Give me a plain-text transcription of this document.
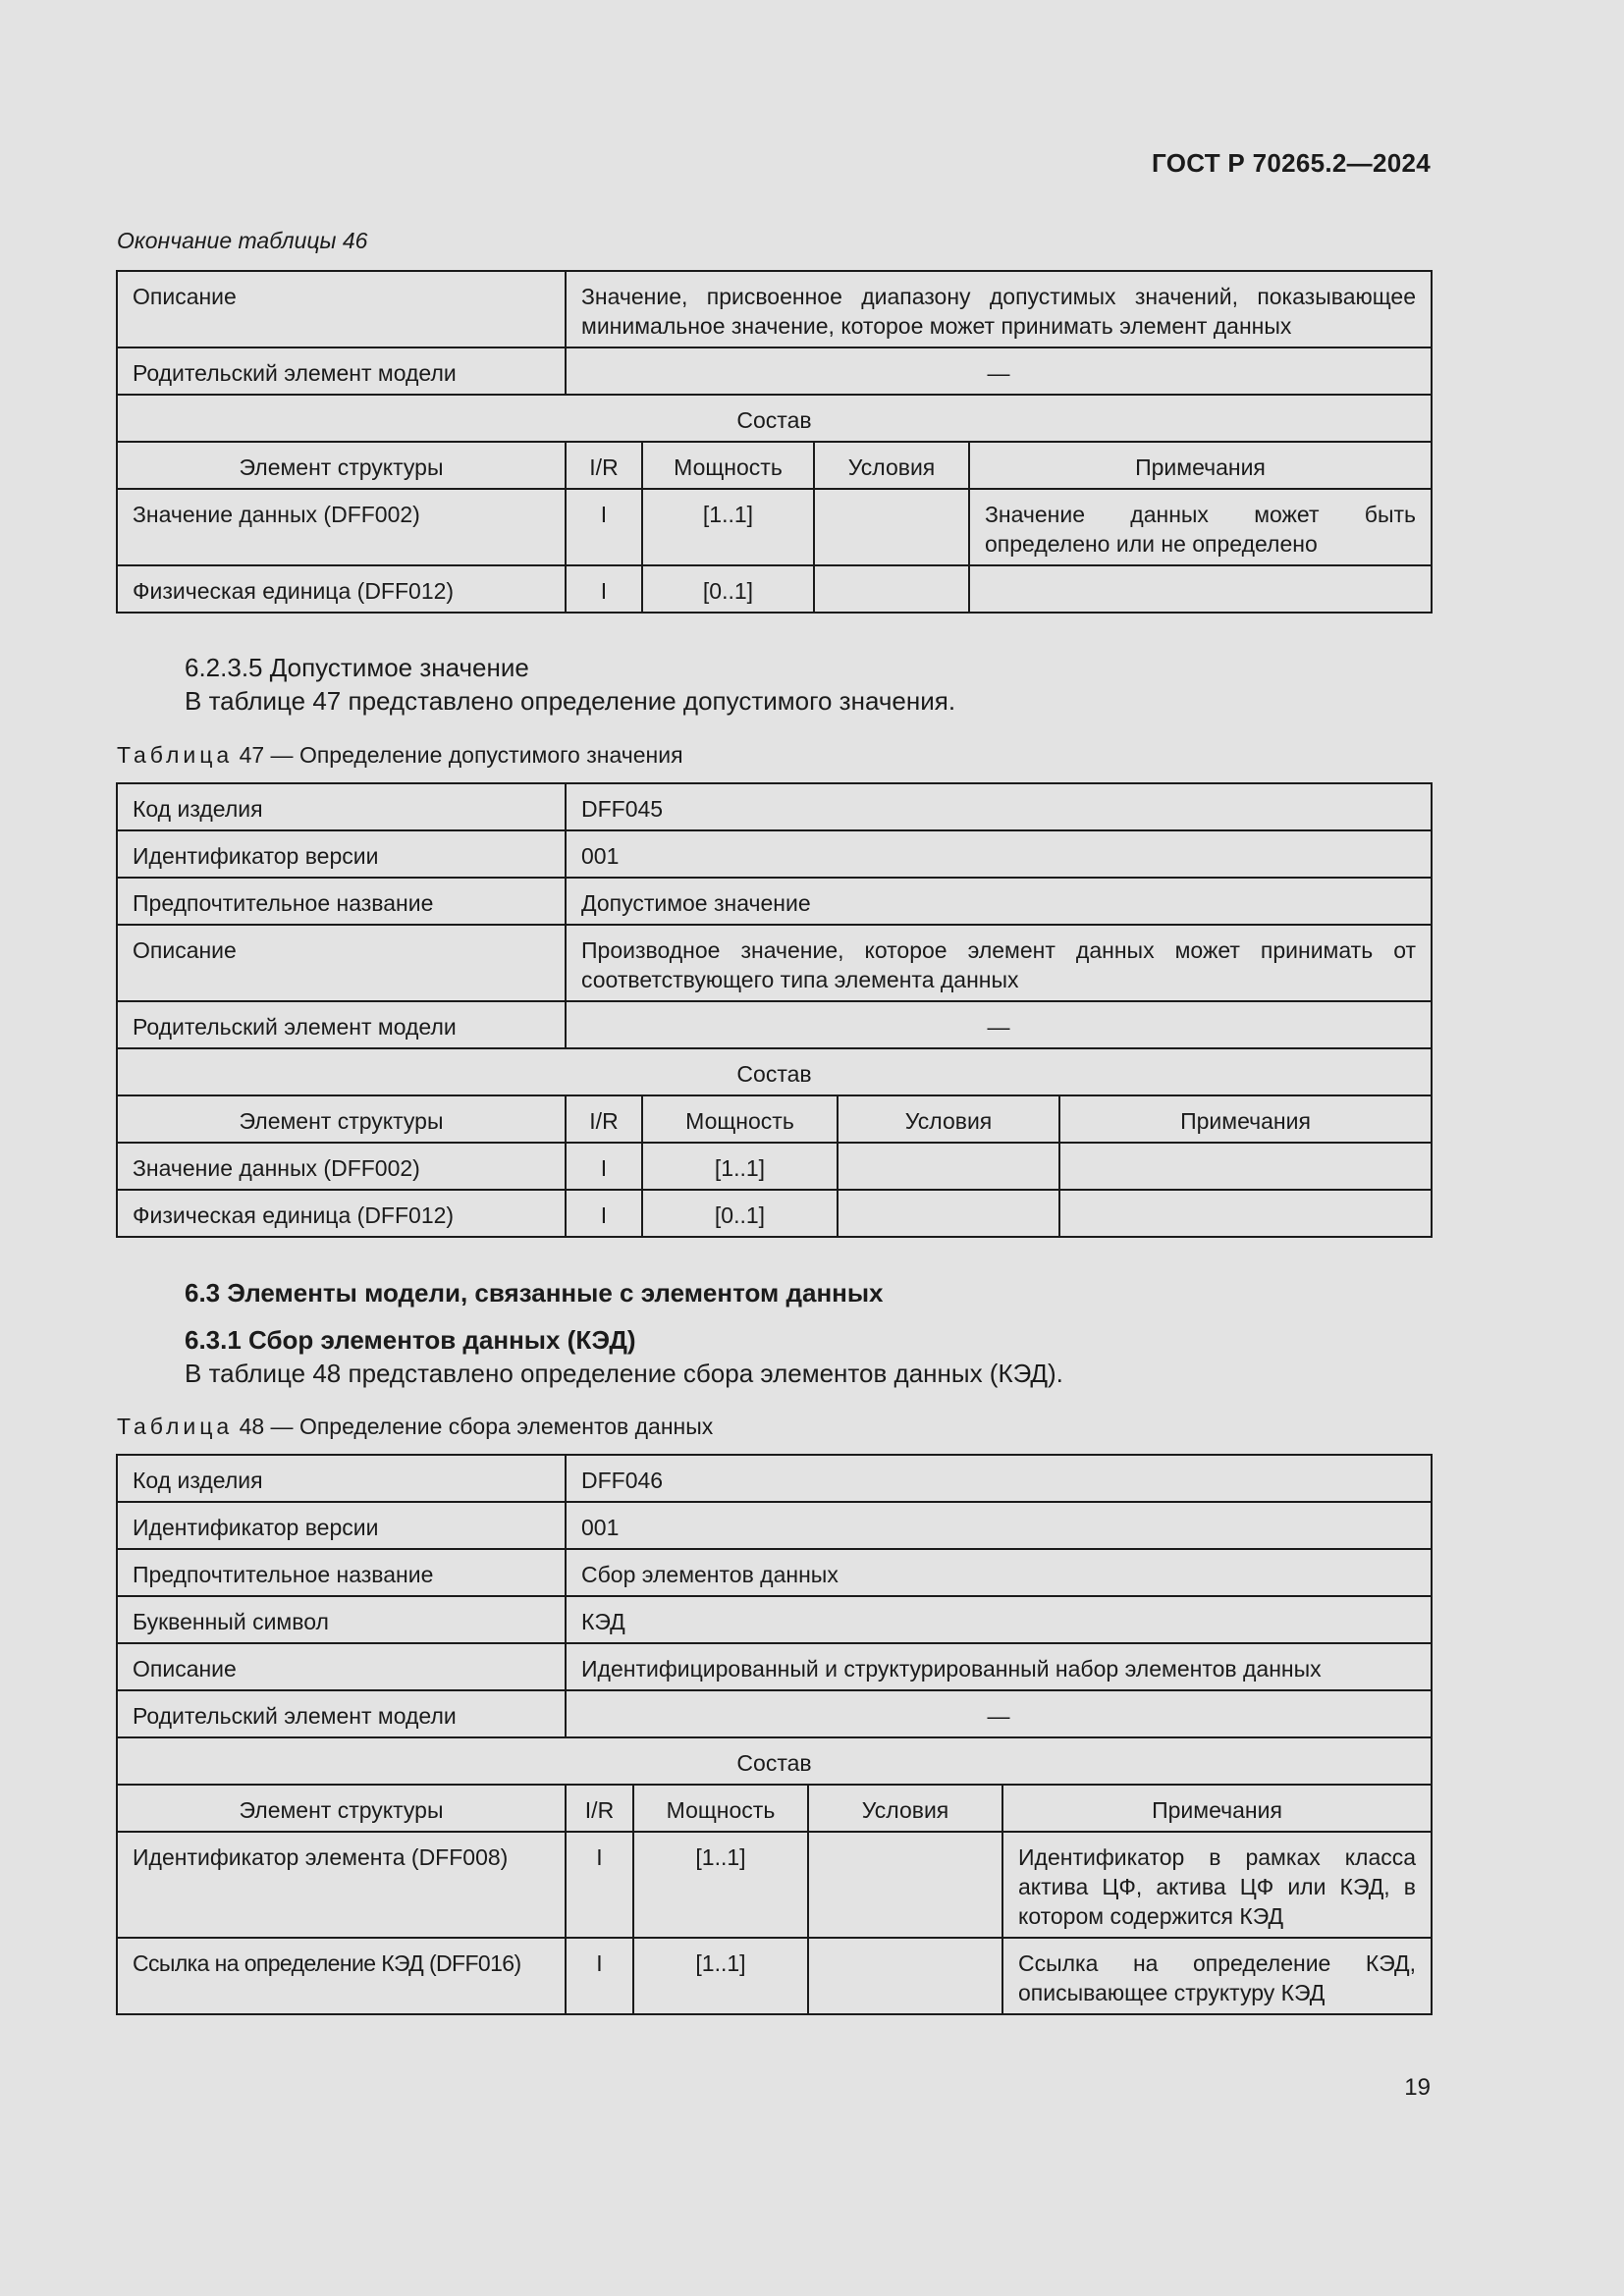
ГОСТ Р 70265.2—2024
Окончание таблицы 46
Описание	Значение, присвоенное диапазону допустимых значений, показывающее минимальное значение, которое может принимать элемент данных			
Родительский элемент модели	—			
Состав				
Элемент структуры	I/R	Мощность	Условия	Примечания
Значение данных (DFF002)	I	[1..1]		Значение данных может быть определено или не определено
Физическая единица (DFF012)	I	[0..1]		
6.2.3.5 Допустимое значение
В таблице 47 представлено определение допустимого значения.
Таблица 47 — Определение допустимого значения
Код изделия	DFF045			
Идентификатор версии	001			
Предпочтительное название	Допустимое значение			
Описание	Производное значение, которое элемент данных может принимать от соответствующего типа элемента данных			
Родительский элемент модели	—			
Состав				
Элемент структуры	I/R	Мощность	Условия	Примечания
Значение данных (DFF002)	I	[1..1]		
Физическая единица (DFF012)	I	[0..1]		
6.3 Элементы модели, связанные с элементом данных
6.3.1 Сбор элементов данных (КЭД)
В таблице 48 представлено определение сбора элементов данных (КЭД).
Таблица 48 — Определение сбора элементов данных
Код изделия	DFF046			
Идентификатор версии	001			
Предпочтительное название	Сбор элементов данных			
Буквенный символ	КЭД			
Описание	Идентифицированный и структурированный набор элементов данных			
Родительский элемент модели	—			
Состав				
Элемент структуры	I/R	Мощность	Условия	Примечания
Идентификатор элемента (DFF008)	I	[1..1]		Идентификатор в рамках класса актива ЦФ, актива ЦФ или КЭД, в котором содержится КЭД
Ссылка на определение КЭД (DFF016)	I	[1..1]		Ссылка на определение КЭД, описывающее структуру КЭД
19
